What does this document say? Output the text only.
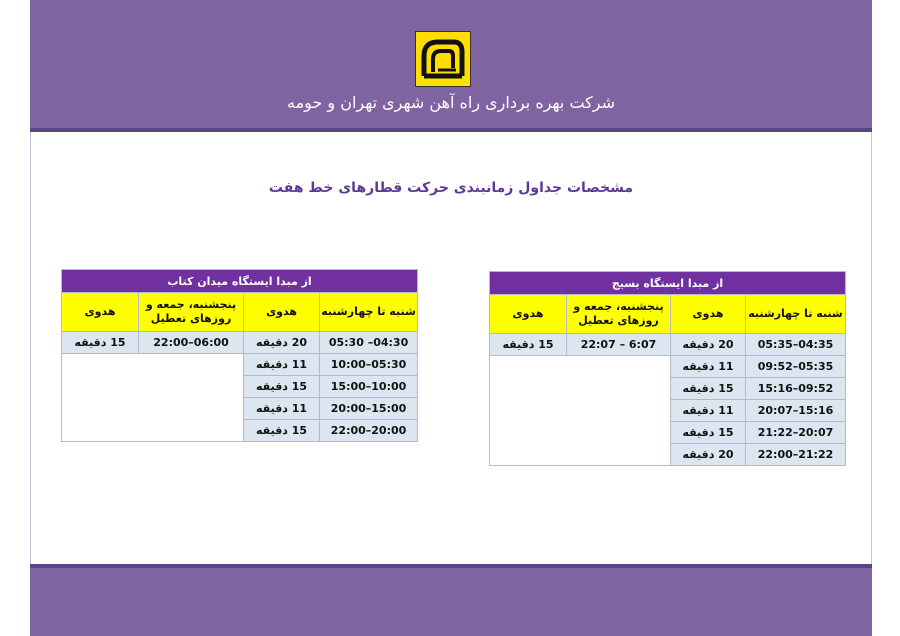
شرکت بهره برداری راه آهن شهری تهران و حومه
مشخصات جداول زمانبندی حرکت قطارهای خط هفت
از مبدا ایستگاه بسیج			
شنبه تا چهارشنبه	هدوی	پنجشنبه، جمعه و روزهای تعطیل	هدوی
04:35–05:35	20 دقیقه	6:07 – 22:07	15 دقیقه
05:35–09:52	11 دقیقه		
09:52–15:16	15 دقیقه		
15:16–20:07	11 دقیقه		
20:07–21:22	15 دقیقه		
21:22–22:00	20 دقیقه		
از مبدا ایستگاه میدان کتاب			
شنبه تا چهارشنبه	هدوی	پنجشنبه، جمعه و روزهای تعطیل	هدوی
04:30– 05:30	20 دقیقه	06:00–22:00	15 دقیقه
05:30–10:00	11 دقیقه		
10:00–15:00	15 دقیقه		
15:00–20:00	11 دقیقه		
20:00–22:00	15 دقیقه		
